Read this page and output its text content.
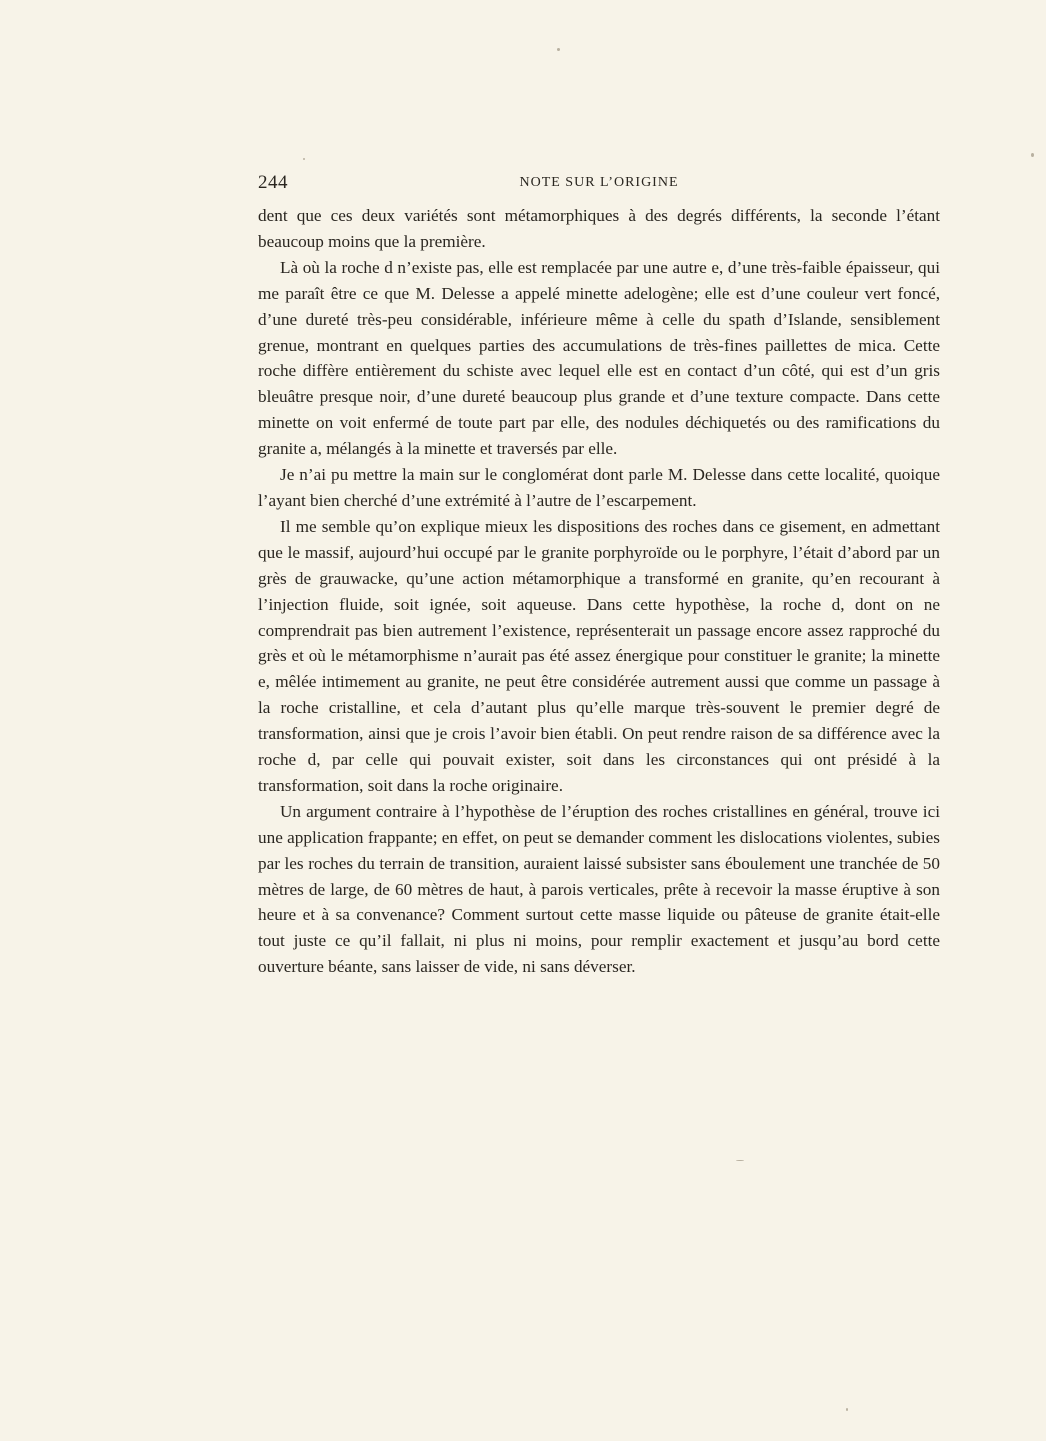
244	NOTE SUR L’ORIGINE

dent que ces deux variétés sont métamorphiques à des degrés différents, la seconde l’étant beaucoup moins que la première.

Là où la roche d n’existe pas, elle est remplacée par une autre e, d’une très-faible épaisseur, qui me paraît être ce que M. Delesse a appelé minette adelogène; elle est d’une couleur vert foncé, d’une dureté très-peu considérable, inférieure même à celle du spath d’Islande, sensiblement grenue, montrant en quelques parties des accumulations de très-fines paillettes de mica. Cette roche diffère entièrement du schiste avec lequel elle est en contact d’un côté, qui est d’un gris bleuâtre presque noir, d’une dureté beaucoup plus grande et d’une texture compacte. Dans cette minette on voit enfermé de toute part par elle, des nodules déchiquetés ou des ramifications du granite a, mélangés à la minette et traversés par elle.

Je n’ai pu mettre la main sur le conglomérat dont parle M. Delesse dans cette localité, quoique l’ayant bien cherché d’une extrémité à l’autre de l’escarpement.

Il me semble qu’on explique mieux les dispositions des roches dans ce gisement, en admettant que le massif, aujourd’hui occupé par le granite porphyroïde ou le porphyre, l’était d’abord par un grès de grauwacke, qu’une action métamorphique a transformé en granite, qu’en recourant à l’injection fluide, soit ignée, soit aqueuse. Dans cette hypothèse, la roche d, dont on ne comprendrait pas bien autrement l’existence, représenterait un passage encore assez rapproché du grès et où le métamorphisme n’aurait pas été assez énergique pour constituer le granite; la minette e, mêlée intimement au granite, ne peut être considérée autrement aussi que comme un passage à la roche cristalline, et cela d’autant plus qu’elle marque très-souvent le premier degré de transformation, ainsi que je crois l’avoir bien établi. On peut rendre raison de sa différence avec la roche d, par celle qui pouvait exister, soit dans les circonstances qui ont présidé à la transformation, soit dans la roche originaire.

Un argument contraire à l’hypothèse de l’éruption des roches cristallines en général, trouve ici une application frappante; en effet, on peut se demander comment les dislocations violentes, subies par les roches du terrain de transition, auraient laissé subsister sans éboulement une tranchée de 50 mètres de large, de 60 mètres de haut, à parois verticales, prête à recevoir la masse éruptive à son heure et à sa convenance? Comment surtout cette masse liquide ou pâteuse de granite était-elle tout juste ce qu’il fallait, ni plus ni moins, pour remplir exactement et jusqu’au bord cette ouverture béante, sans laisser de vide, ni sans déverser.
